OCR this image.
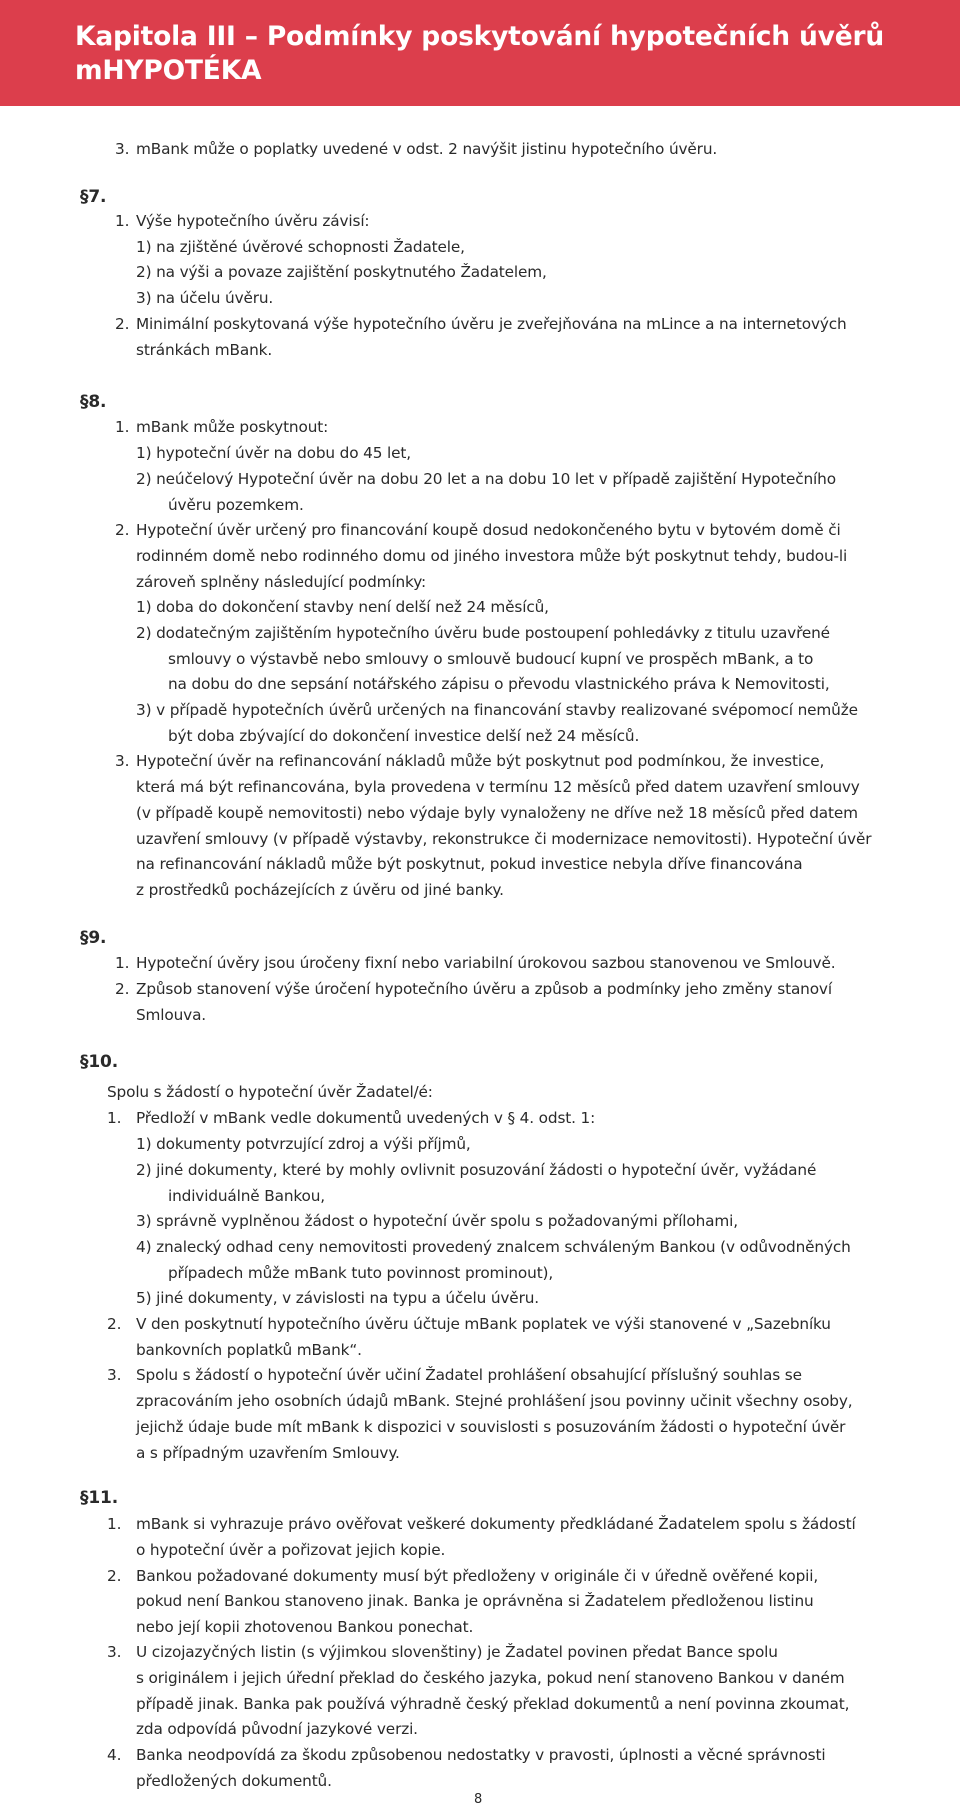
Kapitola III – Podmínky poskytování hypotečních úvěrů
mHYPOTÉKA
3. mBank může o poplatky uvedené v odst. 2 navýšit jistinu hypotečního úvěru.
§7.
1. Výše hypotečního úvěru závisí:
1) na zjištěné úvěrové schopnosti Žadatele,
2) na výši a povaze zajištění poskytnutého Žadatelem,
3) na účelu úvěru.
2. Minimální poskytovaná výše hypotečního úvěru je zveřejňována na mLince a na internetových
stránkách mBank.
§8.
1. mBank může poskytnout:
1) hypoteční úvěr na dobu do 45 let,
2) neúčelový Hypoteční úvěr na dobu 20 let a na dobu 10 let v případě zajištění Hypotečního
úvěru pozemkem.
2. Hypoteční úvěr určený pro financování koupě dosud nedokončeného bytu v bytovém domě či
rodinném domě nebo rodinného domu od jiného investora může být poskytnut tehdy, budou-li
zároveň splněny následující podmínky:
1) doba do dokončení stavby není delší než 24 měsíců,
2) dodatečným zajištěním hypotečního úvěru bude postoupení pohledávky z titulu uzavřené
smlouvy o výstavbě nebo smlouvy o smlouvě budoucí kupní ve prospěch mBank, a to
na dobu do dne sepsání notářského zápisu o převodu vlastnického práva k Nemovitosti,
3) v případě hypotečních úvěrů určených na financování stavby realizované svépomocí nemůže
být doba zbývající do dokončení investice delší než 24 měsíců.
3. Hypoteční úvěr na refinancování nákladů může být poskytnut pod podmínkou, že investice,
která má být refinancována, byla provedena v termínu 12 měsíců před datem uzavření smlouvy
(v případě koupě nemovitosti) nebo výdaje byly vynaloženy ne dříve než 18 měsíců před datem
uzavření smlouvy (v případě výstavby, rekonstrukce či modernizace nemovitosti). Hypoteční úvěr
na refinancování nákladů může být poskytnut, pokud investice nebyla dříve financována
z prostředků pocházejících z úvěru od jiné banky.
§9.
1. Hypoteční úvěry jsou úročeny fixní nebo variabilní úrokovou sazbou stanovenou ve Smlouvě.
2. Způsob stanovení výše úročení hypotečního úvěru a způsob a podmínky jeho změny stanoví
Smlouva.
§10.
Spolu s žádostí o hypoteční úvěr Žadatel/é:
1. Předloží v mBank vedle dokumentů uvedených v § 4. odst. 1:
1) dokumenty potvrzující zdroj a výši příjmů,
2) jiné dokumenty, které by mohly ovlivnit posuzování žádosti o hypoteční úvěr, vyžádané
individuálně Bankou,
3) správně vyplněnou žádost o hypoteční úvěr spolu s požadovanými přílohami,
4) znalecký odhad ceny nemovitosti provedený znalcem schváleným Bankou (v odůvodněných
případech může mBank tuto povinnost prominout),
5) jiné dokumenty, v závislosti na typu a účelu úvěru.
2. V den poskytnutí hypotečního úvěru účtuje mBank poplatek ve výši stanovené v „Sazebníku
bankovních poplatků mBank“.
3. Spolu s žádostí o hypoteční úvěr učiní Žadatel prohlášení obsahující příslušný souhlas se
zpracováním jeho osobních údajů mBank. Stejné prohlášení jsou povinny učinit všechny osoby,
jejichž údaje bude mít mBank k dispozici v souvislosti s posuzováním žádosti o hypoteční úvěr
a s případným uzavřením Smlouvy.
§11.
1. mBank si vyhrazuje právo ověřovat veškeré dokumenty předkládané Žadatelem spolu s žádostí
o hypoteční úvěr a pořizovat jejich kopie.
2. Bankou požadované dokumenty musí být předloženy v originále či v úředně ověřené kopii,
pokud není Bankou stanoveno jinak. Banka je oprávněna si Žadatelem předloženou listinu
nebo její kopii zhotovenou Bankou ponechat.
3. U cizojazyčných listin (s výjimkou slovenštiny) je Žadatel povinen předat Bance spolu
s originálem i jejich úřední překlad do českého jazyka, pokud není stanoveno Bankou v daném
případě jinak. Banka pak používá výhradně český překlad dokumentů a není povinna zkoumat,
zda odpovídá původní jazykové verzi.
4. Banka neodpovídá za škodu způsobenou nedostatky v pravosti, úplnosti a věcné správnosti
předložených dokumentů.
8
